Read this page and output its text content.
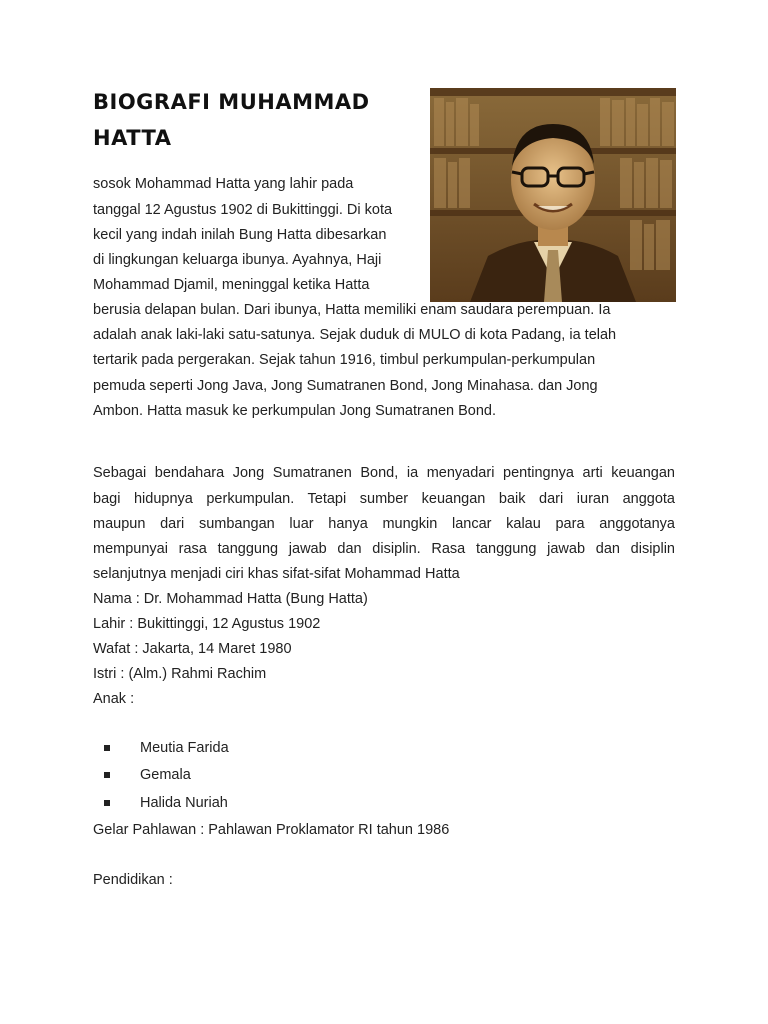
BIOGRAFI MUHAMMAD
HATTA
sosok Mohammad Hatta yang lahir pada
tanggal 12 Agustus 1902 di Bukittinggi. Di kota
kecil yang indah inilah Bung Hatta dibesarkan
di lingkungan keluarga ibunya. Ayahnya, Haji
Mohammad Djamil, meninggal ketika Hatta
berusia delapan bulan. Dari ibunya, Hatta memiliki enam saudara perempuan. Ia
adalah anak laki-laki satu-satunya. Sejak duduk di MULO di kota Padang, ia telah
tertarik pada pergerakan. Sejak tahun 1916, timbul perkumpulan-perkumpulan
pemuda seperti Jong Java, Jong Sumatranen Bond, Jong Minahasa. dan Jong
Ambon. Hatta masuk ke perkumpulan Jong Sumatranen Bond.
Sebagai bendahara Jong Sumatranen Bond, ia menyadari pentingnya arti keuangan
bagi hidupnya perkumpulan. Tetapi sumber keuangan baik dari iuran anggota
maupun dari sumbangan luar hanya mungkin lancar kalau para anggotanya
mempunyai rasa tanggung jawab dan disiplin. Rasa tanggung jawab dan disiplin
selanjutnya menjadi ciri khas sifat-sifat Mohammad Hatta
Nama : Dr. Mohammad Hatta (Bung Hatta)
Lahir : Bukittinggi, 12 Agustus 1902
Wafat : Jakarta, 14 Maret 1980
Istri : (Alm.) Rahmi Rachim
Anak :
Meutia Farida
Gemala
Halida Nuriah
Gelar Pahlawan : Pahlawan Proklamator RI tahun 1986
Pendidikan :
